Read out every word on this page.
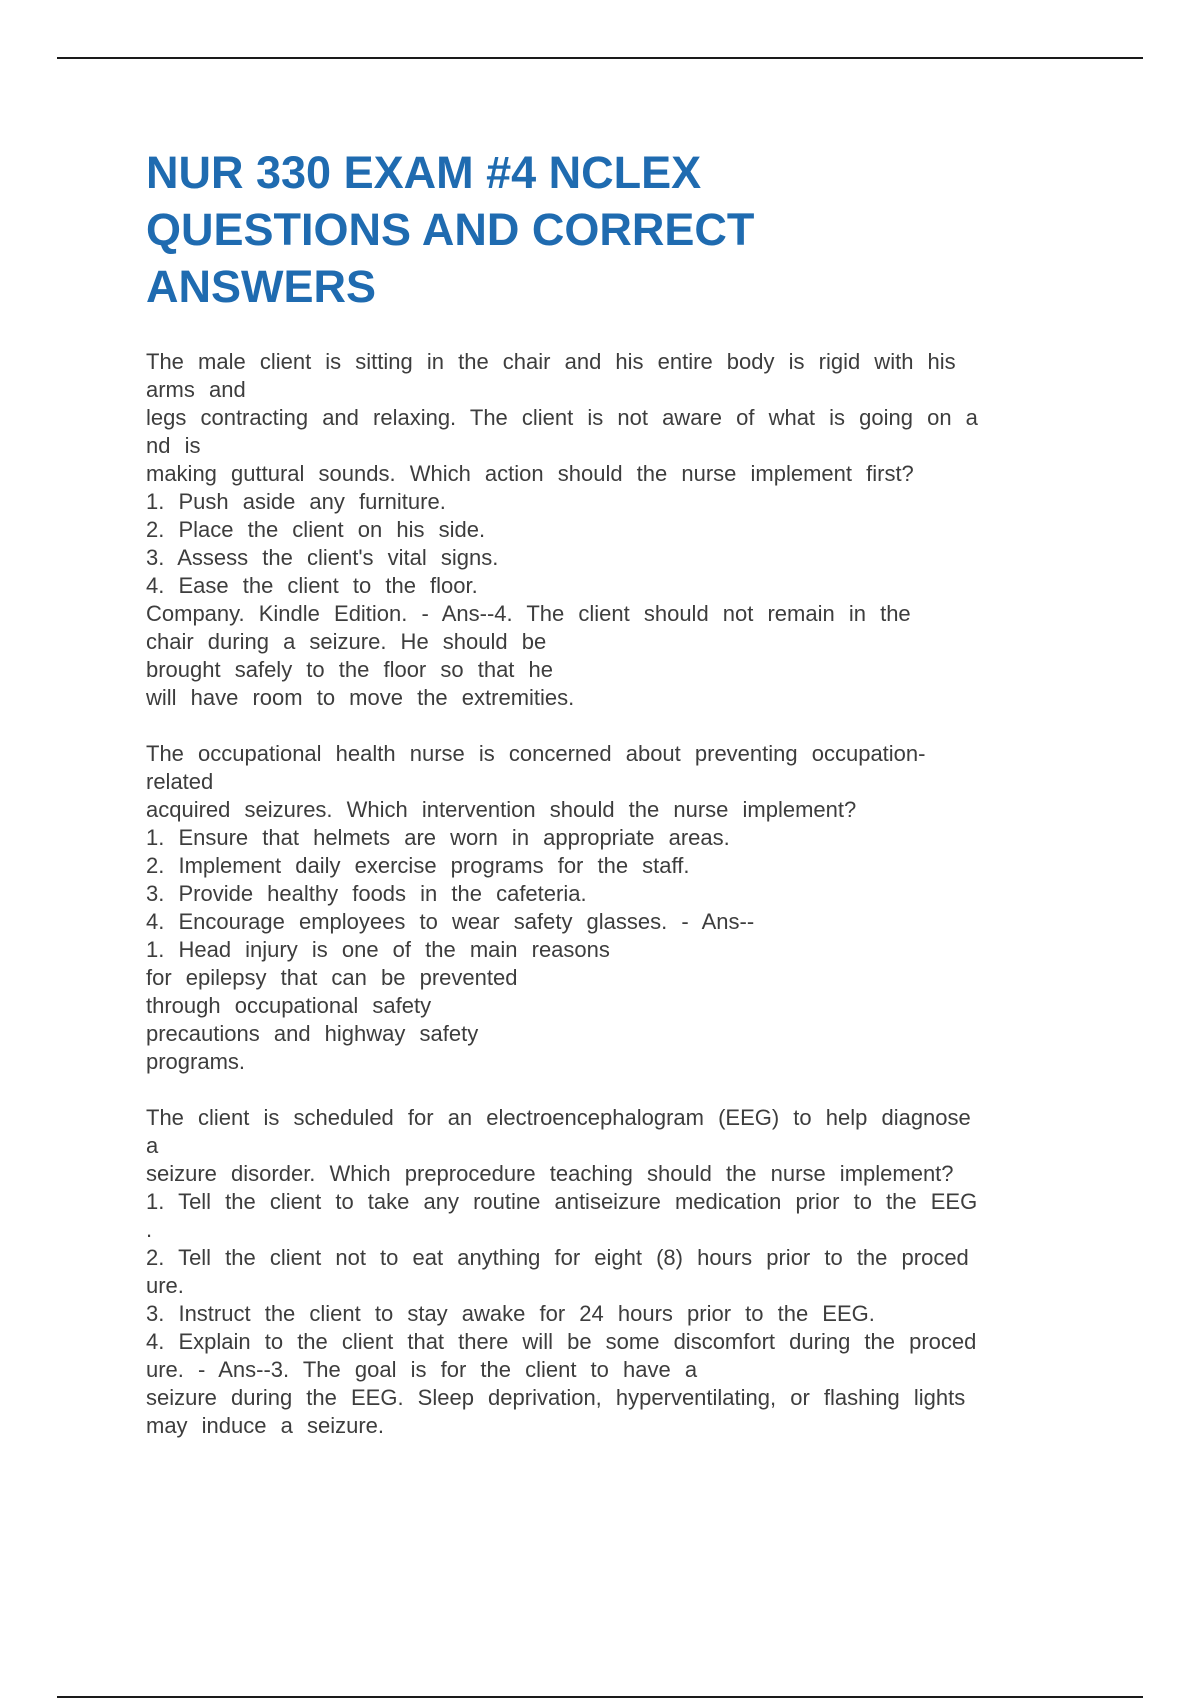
NUR 330 EXAM #4 NCLEX
QUESTIONS AND CORRECT
ANSWERS
The male client is sitting in the chair and his entire body is rigid with his
arms and
legs contracting and relaxing. The client is not aware of what is going on a
nd is
making guttural sounds. Which action should the nurse implement first?
1. Push aside any furniture.
2. Place the client on his side.
3. Assess the client's vital signs.
4. Ease the client to the floor.
Company. Kindle Edition. - Ans--4. The client should not remain in the
chair during a seizure. He should be
brought safely to the floor so that he
will have room to move the extremities.
The occupational health nurse is concerned about preventing occupation-
related
acquired seizures. Which intervention should the nurse implement?
1. Ensure that helmets are worn in appropriate areas.
2. Implement daily exercise programs for the staff.
3. Provide healthy foods in the cafeteria.
4. Encourage employees to wear safety glasses. - Ans--
1. Head injury is one of the main reasons
for epilepsy that can be prevented
through occupational safety
precautions and highway safety
programs.
The client is scheduled for an electroencephalogram (EEG) to help diagnose
a
seizure disorder. Which preprocedure teaching should the nurse implement?
1. Tell the client to take any routine antiseizure medication prior to the EEG
.
2. Tell the client not to eat anything for eight (8) hours prior to the proced
ure.
3. Instruct the client to stay awake for 24 hours prior to the EEG.
4. Explain to the client that there will be some discomfort during the proced
ure. - Ans--3. The goal is for the client to have a
seizure during the EEG. Sleep deprivation, hyperventilating, or flashing lights
may induce a seizure.
